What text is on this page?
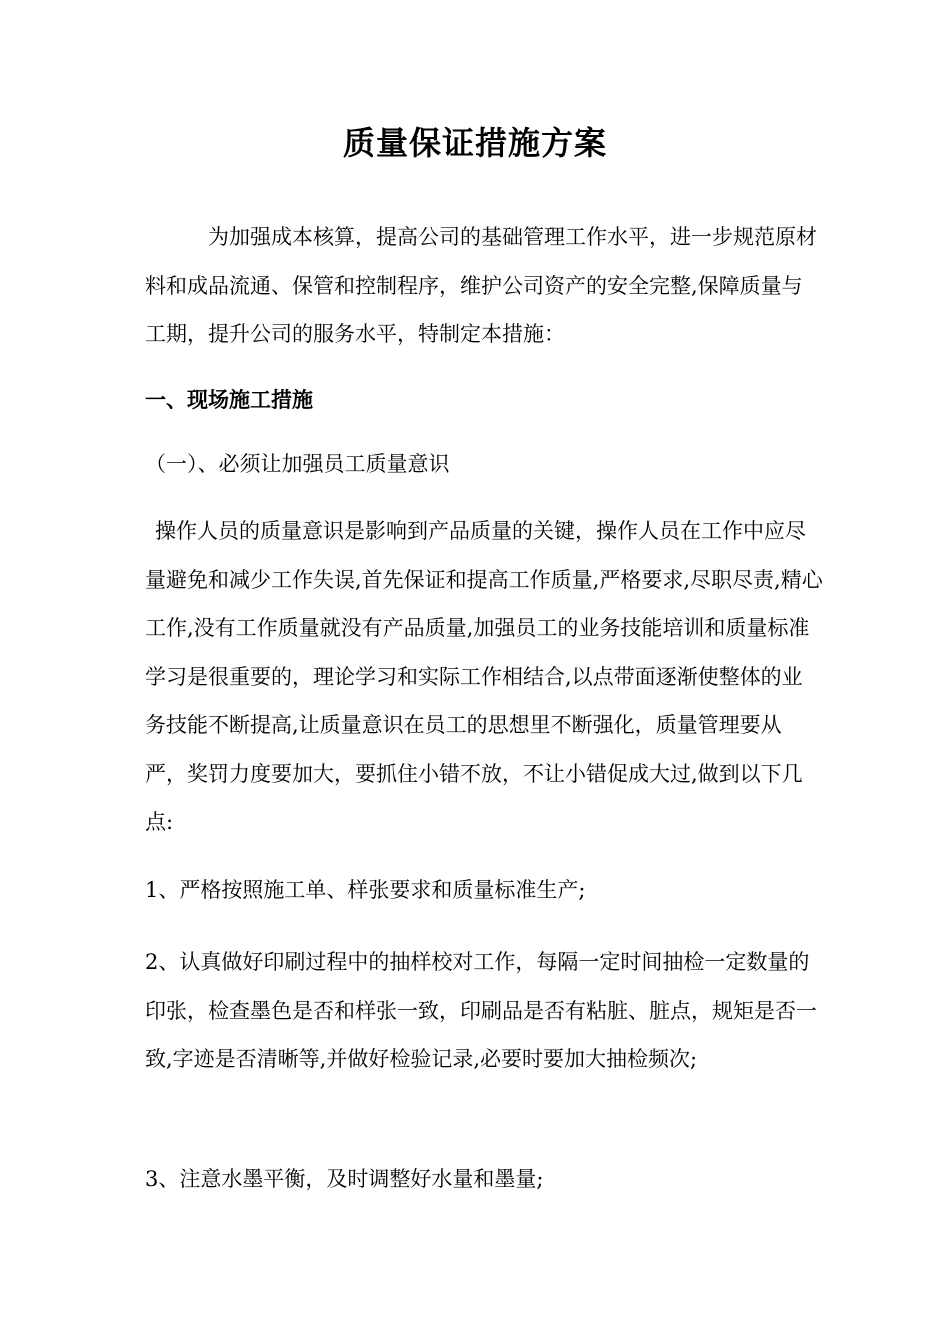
质量保证措施方案

为加强成本核算，提高公司的基础管理工作水平，进一步规范原材料和成品流通、保管和控制程序，维护公司资产的安全完整,保障质量与工期，提升公司的服务水平，特制定本措施：

一、现场施工措施

（一）、必须让加强员工质量意识

操作人员的质量意识是影响到产品质量的关键，操作人员在工作中应尽量避免和减少工作失误,首先保证和提高工作质量,严格要求,尽职尽责,精心工作,没有工作质量就没有产品质量,加强员工的业务技能培训和质量标准学习是很重要的，理论学习和实际工作相结合,以点带面逐渐使整体的业务技能不断提高,让质量意识在员工的思想里不断强化，质量管理要从严，奖罚力度要加大，要抓住小错不放，不让小错促成大过,做到以下几点:

1、严格按照施工单、样张要求和质量标准生产;

2、认真做好印刷过程中的抽样校对工作，每隔一定时间抽检一定数量的印张，检查墨色是否和样张一致，印刷品是否有粘脏、脏点，规矩是否一致,字迹是否清晰等,并做好检验记录,必要时要加大抽检频次;

3、注意水墨平衡，及时调整好水量和墨量;
